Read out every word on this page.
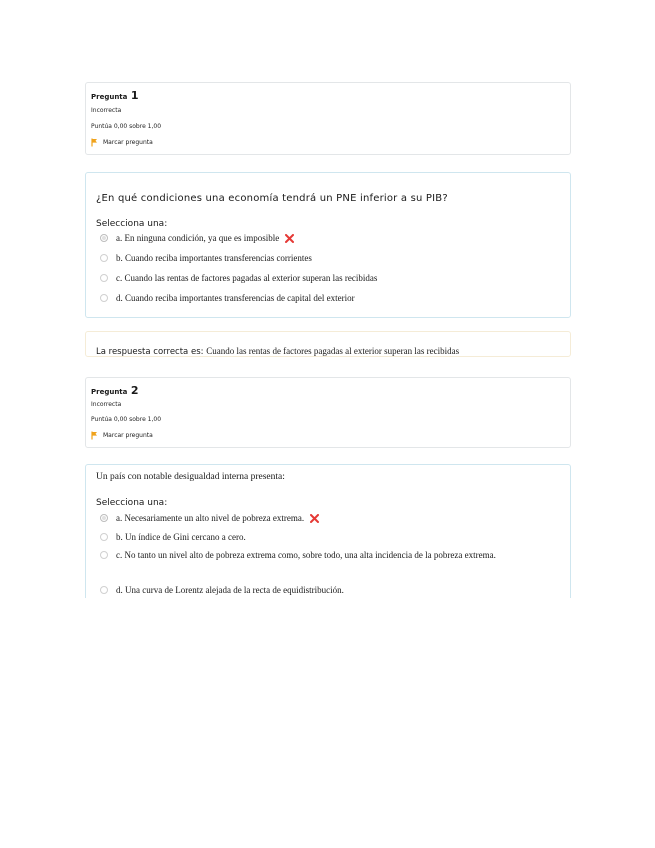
Pregunta 1
Incorrecta
Puntúa 0,00 sobre 1,00
Marcar pregunta
¿En qué condiciones una economía tendrá un PNE inferior a su PIB?
Selecciona una:
a. En ninguna condición, ya que es imposible
b. Cuando reciba importantes transferencias corrientes
c. Cuando las rentas de factores pagadas al exterior superan las recibidas
d. Cuando reciba importantes transferencias de capital del exterior
La respuesta correcta es: Cuando las rentas de factores pagadas al exterior superan las recibidas
Pregunta 2
Incorrecta
Puntúa 0,00 sobre 1,00
Marcar pregunta
Un país con notable desigualdad interna presenta:
Selecciona una:
a. Necesariamente un alto nivel de pobreza extrema.
b. Un índice de Gini cercano a cero.
c. No tanto un nivel alto de pobreza extrema como, sobre todo, una alta incidencia de la pobreza extrema.
d. Una curva de Lorentz alejada de la recta de equidistribución.
